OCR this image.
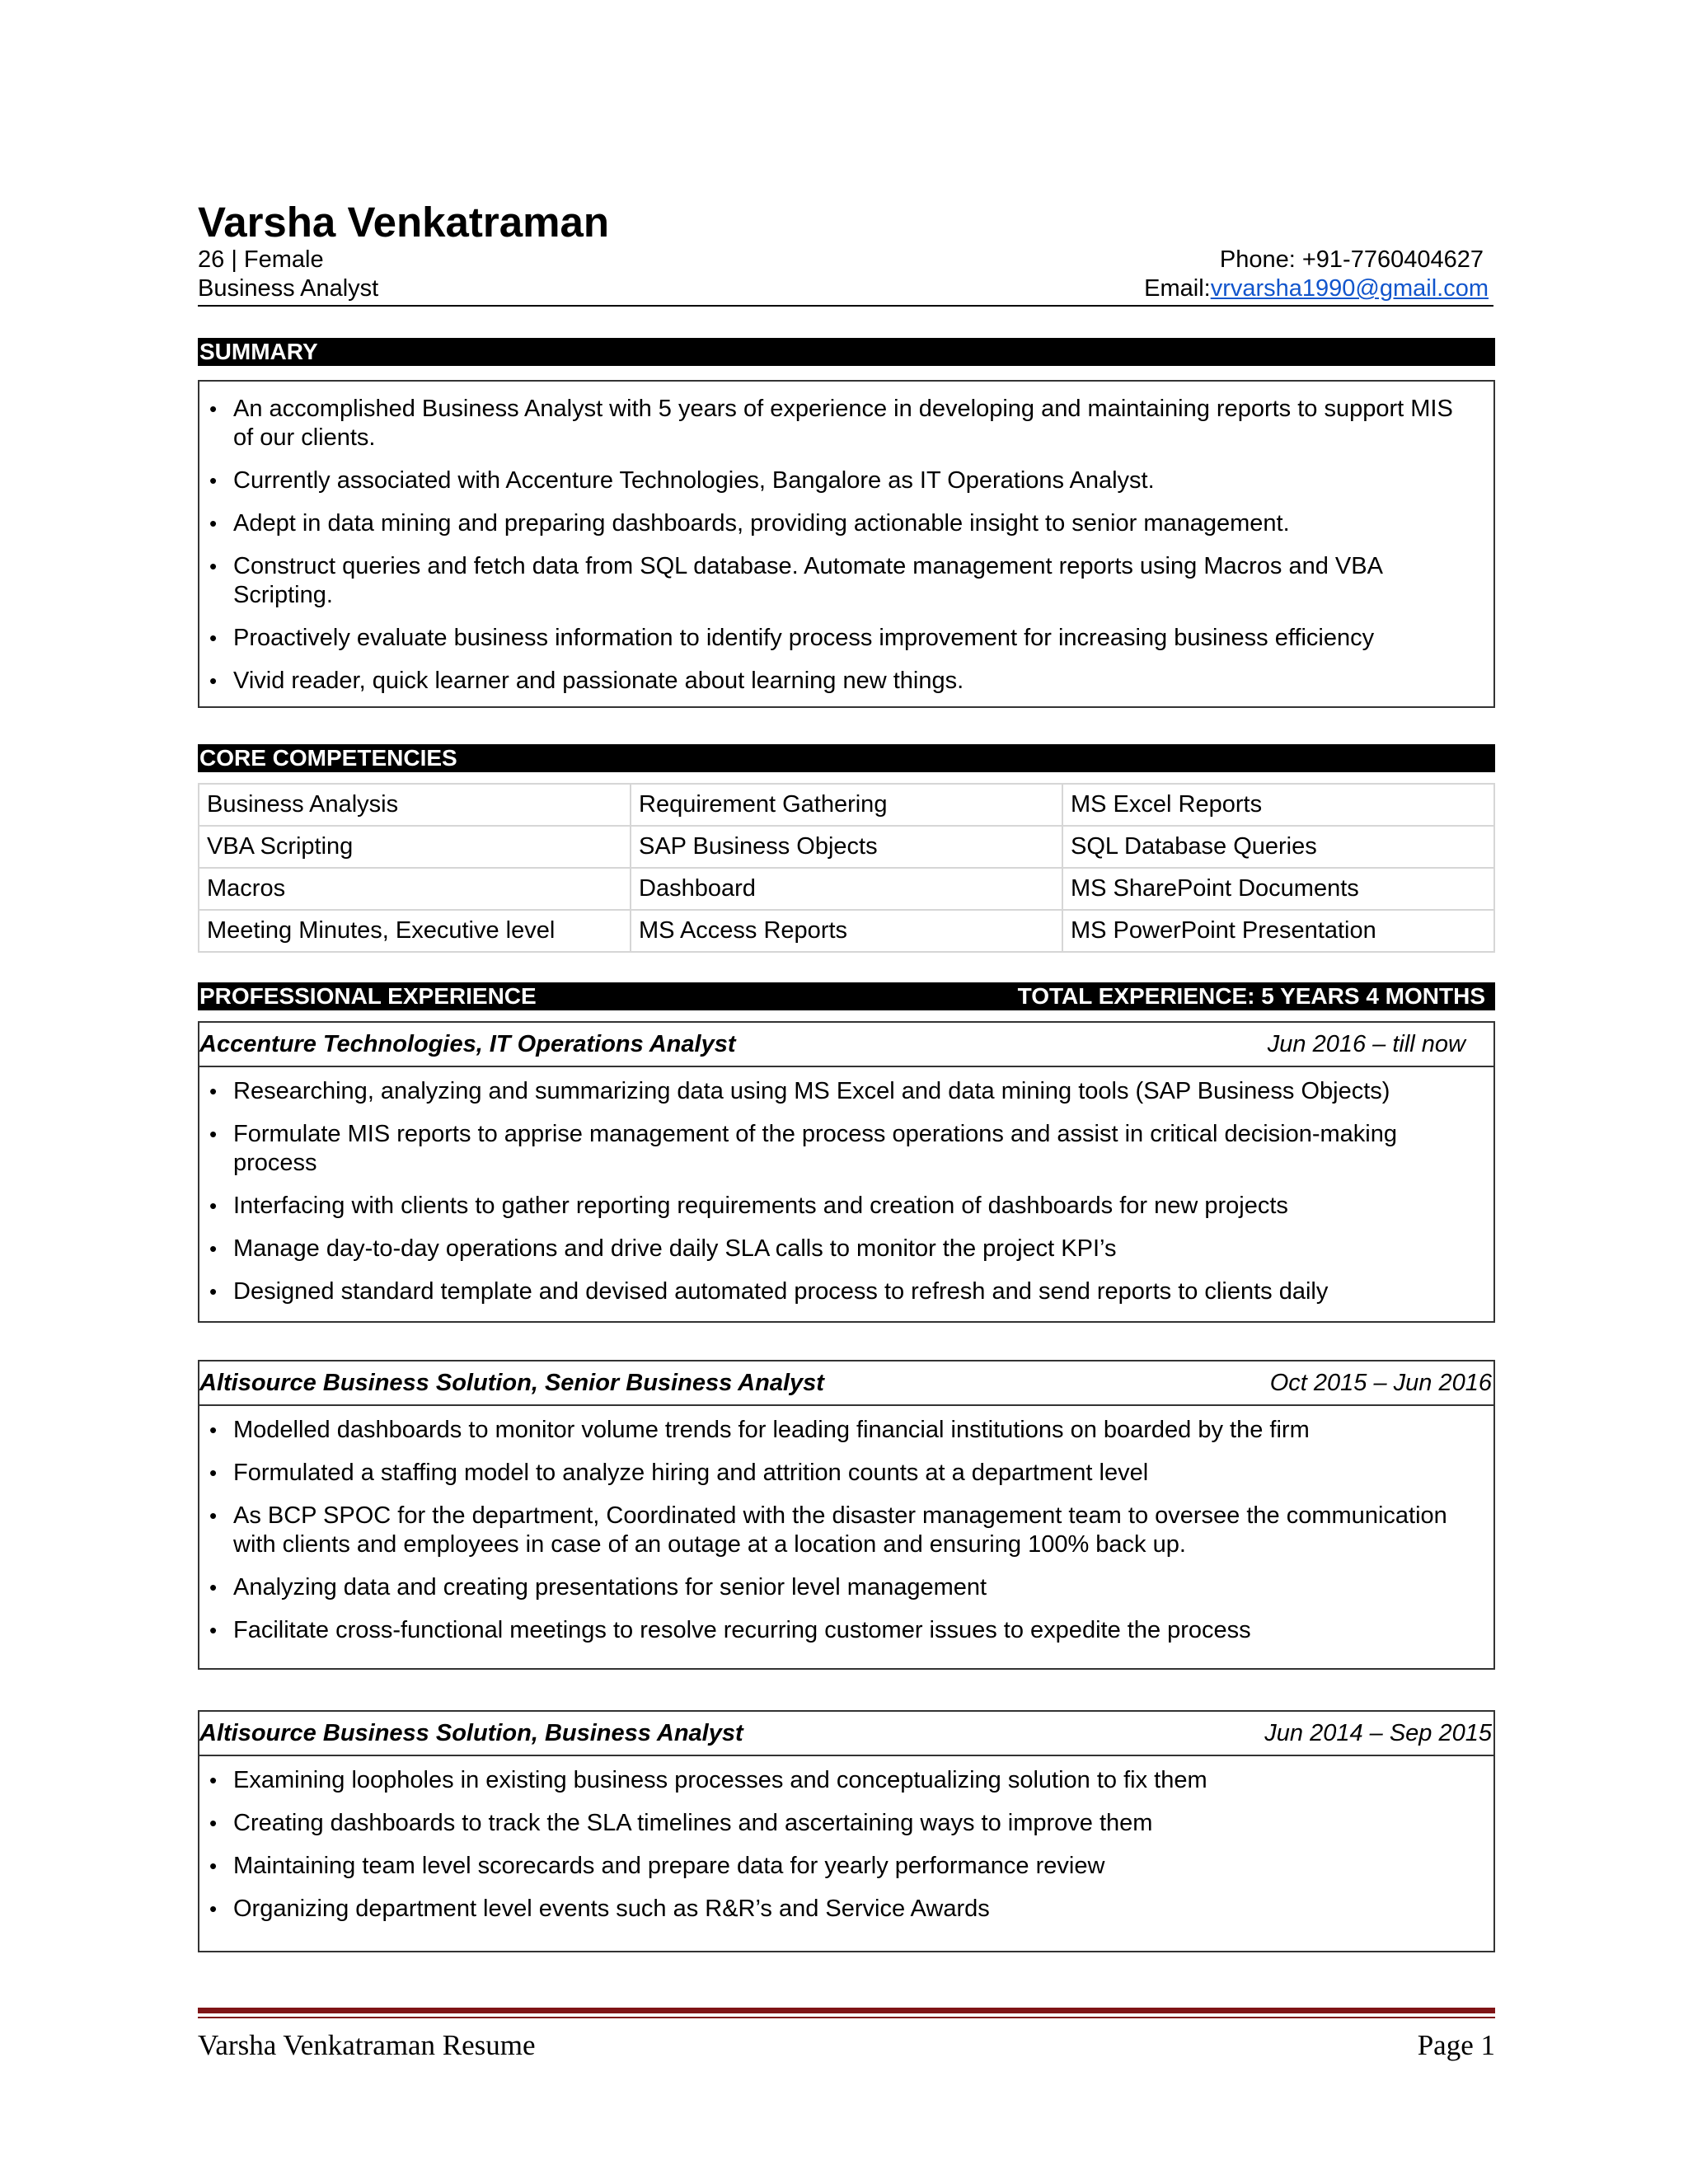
Varsha Venkatraman
26 | Female	Phone: +91-7760404627
Business Analyst	Email:vrvarsha1990@gmail.com
SUMMARY
• An accomplished Business Analyst with 5 years of experience in developing and maintaining reports to support MIS of our clients.
• Currently associated with Accenture Technologies, Bangalore as IT Operations Analyst.
• Adept in data mining and preparing dashboards, providing actionable insight to senior management.
• Construct queries and fetch data from SQL database. Automate management reports using Macros and VBA Scripting.
• Proactively evaluate business information to identify process improvement for increasing business efficiency
• Vivid reader, quick learner and passionate about learning new things.
CORE COMPETENCIES
Business Analysis	Requirement Gathering	MS Excel Reports
VBA Scripting	SAP Business Objects	SQL Database Queries
Macros	Dashboard	MS SharePoint Documents
Meeting Minutes, Executive level	MS Access Reports	MS PowerPoint Presentation
PROFESSIONAL EXPERIENCE	TOTAL EXPERIENCE: 5 YEARS 4 MONTHS
Accenture Technologies, IT Operations Analyst	Jun 2016 – till now
• Researching, analyzing and summarizing data using MS Excel and data mining tools (SAP Business Objects)
• Formulate MIS reports to apprise management of the process operations and assist in critical decision-making process
• Interfacing with clients to gather reporting requirements and creation of dashboards for new projects
• Manage day-to-day operations and drive daily SLA calls to monitor the project KPI’s
• Designed standard template and devised automated process to refresh and send reports to clients daily
Altisource Business Solution, Senior Business Analyst	Oct 2015 – Jun 2016
• Modelled dashboards to monitor volume trends for leading financial institutions on boarded by the firm
• Formulated a staffing model to analyze hiring and attrition counts at a department level
• As BCP SPOC for the department, Coordinated with the disaster management team to oversee the communication with clients and employees in case of an outage at a location and ensuring 100% back up.
• Analyzing data and creating presentations for senior level management
• Facilitate cross-functional meetings to resolve recurring customer issues to expedite the process
Altisource Business Solution, Business Analyst	Jun 2014 – Sep 2015
• Examining loopholes in existing business processes and conceptualizing solution to fix them
• Creating dashboards to track the SLA timelines and ascertaining ways to improve them
• Maintaining team level scorecards and prepare data for yearly performance review
• Organizing department level events such as R&R’s and Service Awards
Varsha Venkatraman Resume	Page 1
